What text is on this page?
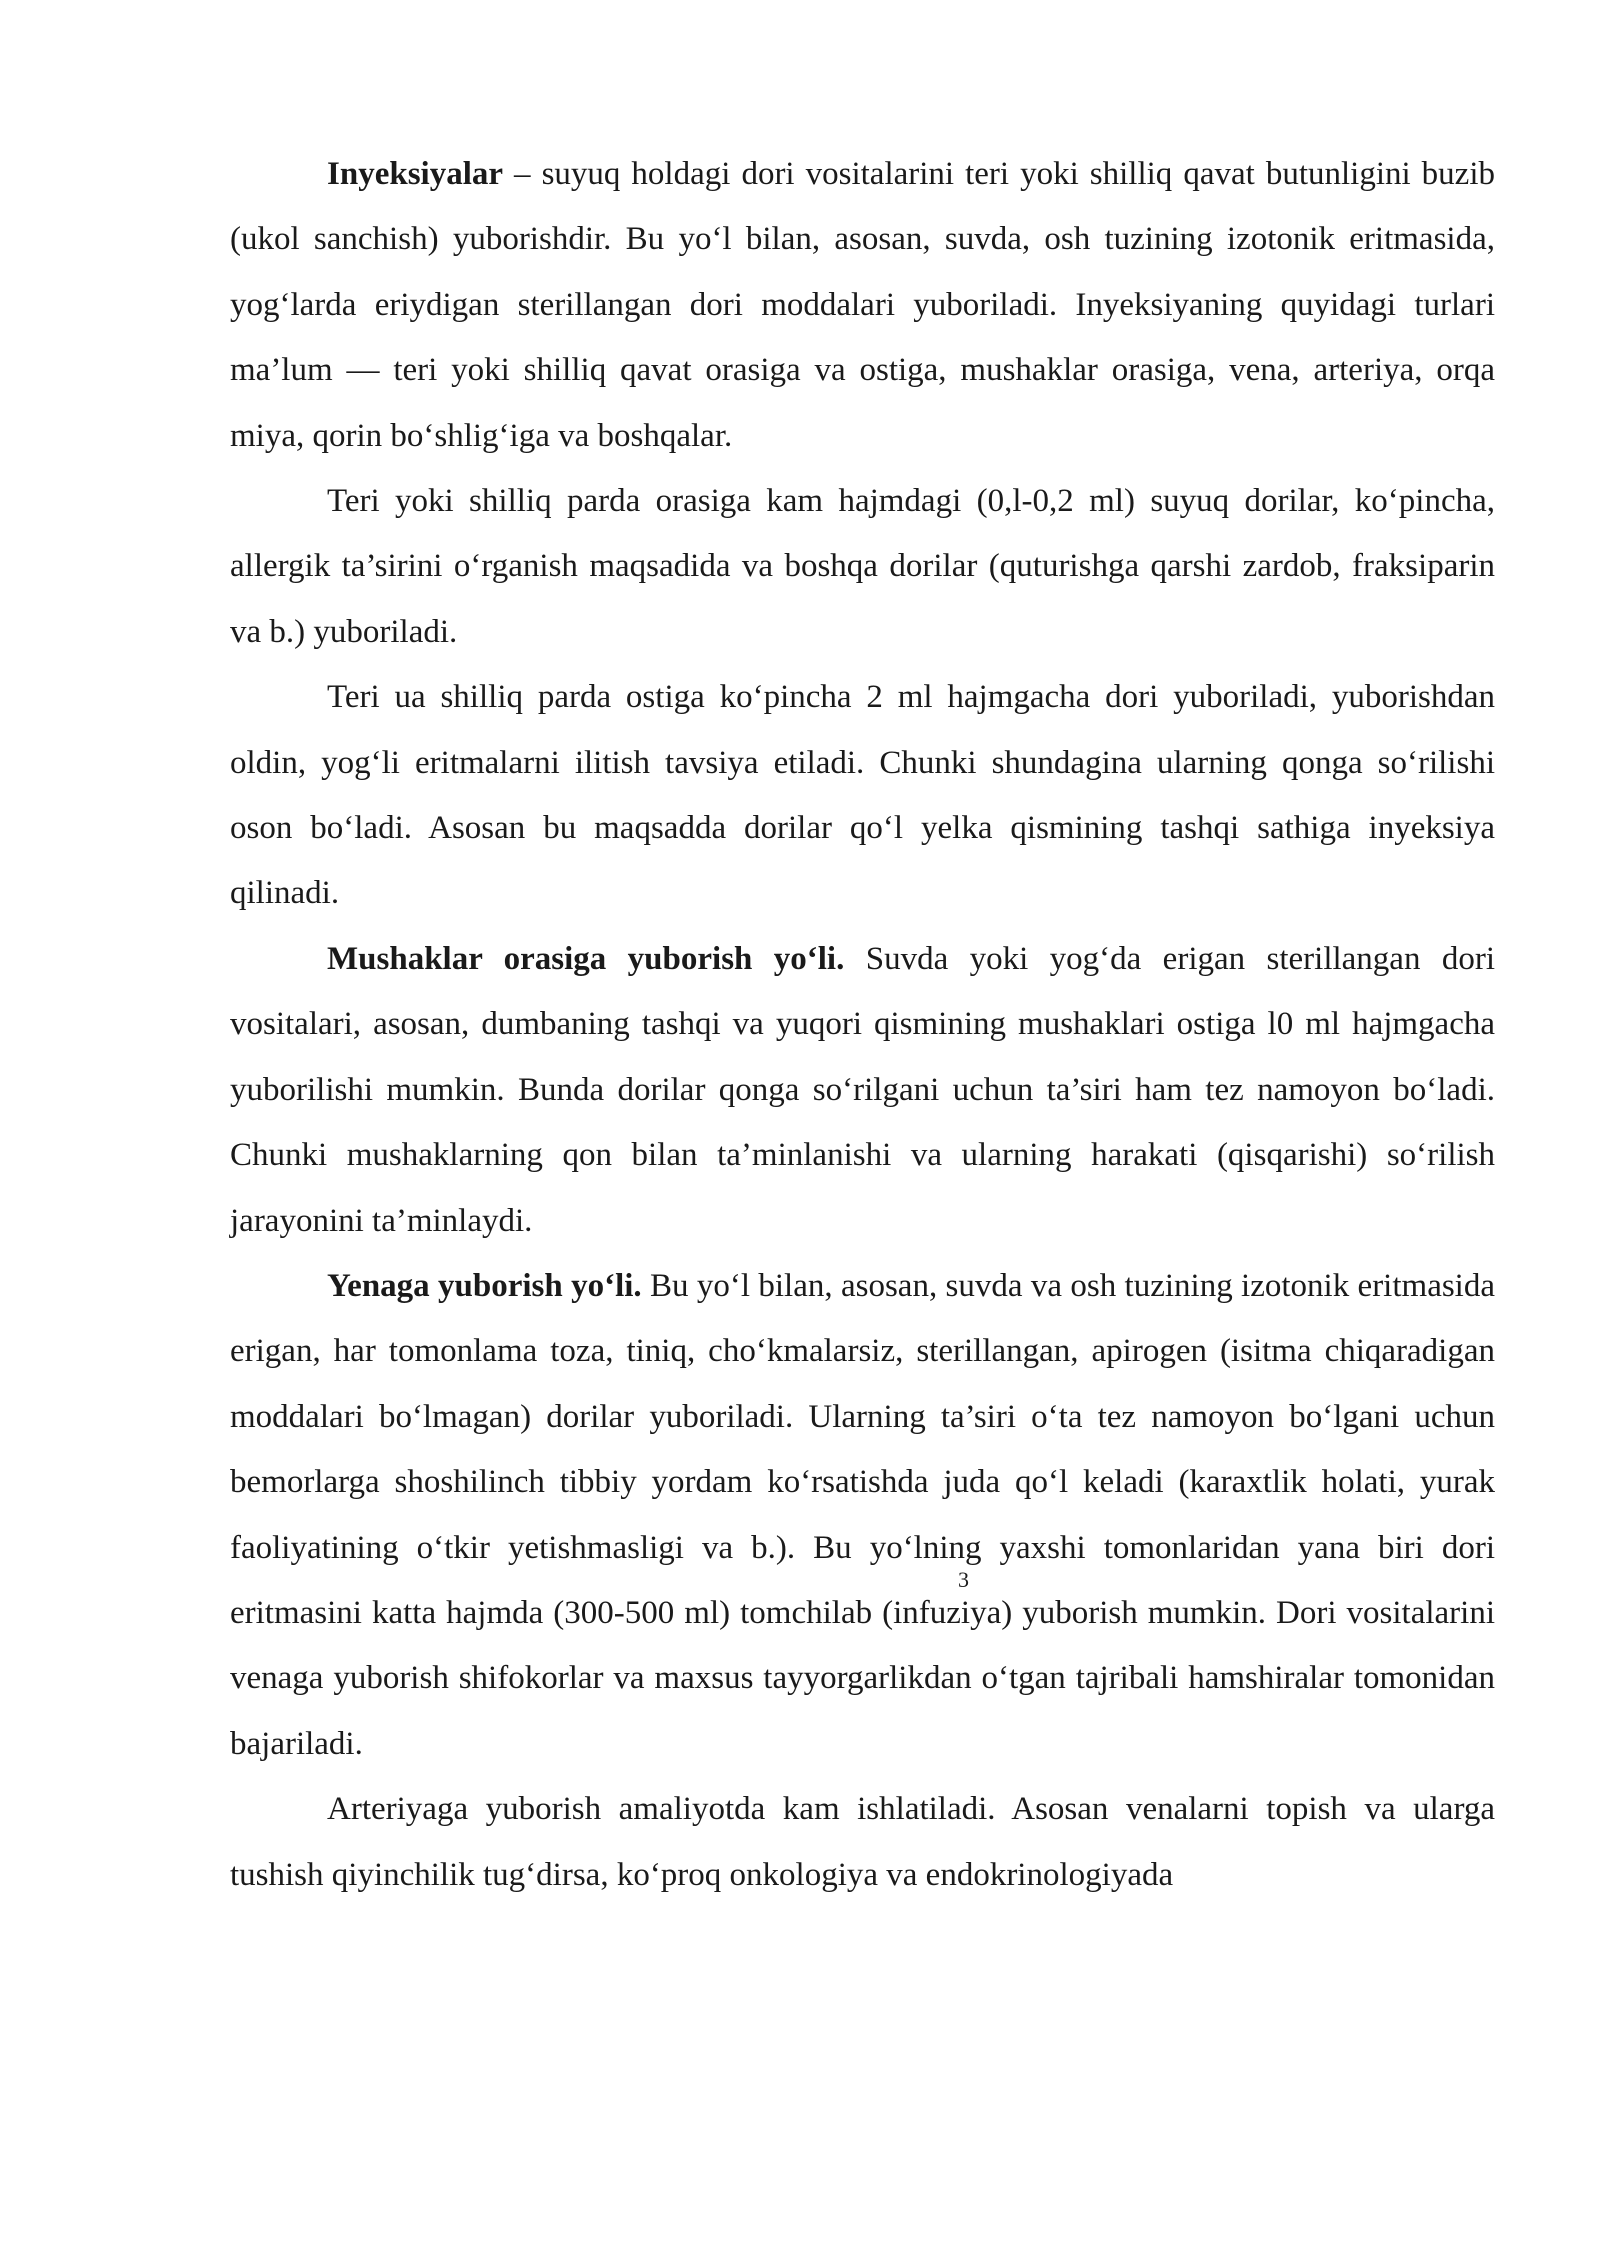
Inyeksiyalar – suyuq holdagi dori vositalarini teri yoki shilliq qavat butunligini buzib (ukol sanchish) yuborishdir. Bu yo‘l bilan, asosan, suvda, osh tuzining izotonik eritmasida, yog‘larda eriydigan sterillangan dori moddalari yuboriladi. Inyeksiyaning quyidagi turlari ma’lum — teri yoki shilliq qavat orasiga va ostiga, mushaklar orasiga, vena, arteriya, orqa miya, qorin bo‘shlig‘iga va boshqalar.

Teri yoki shilliq parda orasiga kam hajmdagi (0,l-0,2 ml) suyuq dorilar, ko‘pincha, allergik ta’sirini o‘rganish maqsadida va boshqa dorilar (quturishga qarshi zardob, fraksiparin va b.) yuboriladi.

Teri ua shilliq parda ostiga ko‘pincha 2 ml hajmgacha dori yuboriladi, yuborishdan oldin, yog‘li eritmalarni ilitish tavsiya etiladi. Chunki shundagina ularning qonga so‘rilishi oson bo‘ladi. Asosan bu maqsadda dorilar qo‘l yelka qismining tashqi sathiga inyeksiya qilinadi.

Mushaklar orasiga yuborish yo‘li. Suvda yoki yog‘da erigan sterillangan dori vositalari, asosan, dumbaning tashqi va yuqori qismining mushaklari ostiga l0 ml hajmgacha yuborilishi mumkin. Bunda dorilar qonga so‘rilgani uchun ta’siri ham tez namoyon bo‘ladi. Chunki mushaklarning qon bilan ta’minlanishi va ularning harakati (qisqarishi) so‘rilish jarayonini ta’minlaydi.

Yenaga yuborish yo‘li. Bu yo‘l bilan, asosan, suvda va osh tuzining izotonik eritmasida erigan, har tomonlama toza, tiniq, cho‘kmalarsiz, sterillangan, apirogen (isitma chiqaradigan moddalari bo‘lmagan) dorilar yuboriladi. Ularning ta’siri o‘ta tez namoyon bo‘lgani uchun bemorlarga shoshilinch tibbiy yordam ko‘rsatishda juda qo‘l keladi (karaxtlik holati, yurak faoliyatining o‘tkir yetishmasligi va b.). Bu yo‘lning yaxshi tomonlaridan yana biri dori eritmasini katta hajmda (300-500 ml) tomchilab (infuziya) yuborish mumkin. Dori vositalarini venaga yuborish shifokorlar va maxsus tayyorgarlikdan o‘tgan tajribali hamshiralar tomonidan bajariladi.

Arteriyaga yuborish amaliyotda kam ishlatiladi. Asosan venalarni topish va ularga tushish qiyinchilik tug‘dirsa, ko‘proq onkologiya va endokrinologiyada

3
